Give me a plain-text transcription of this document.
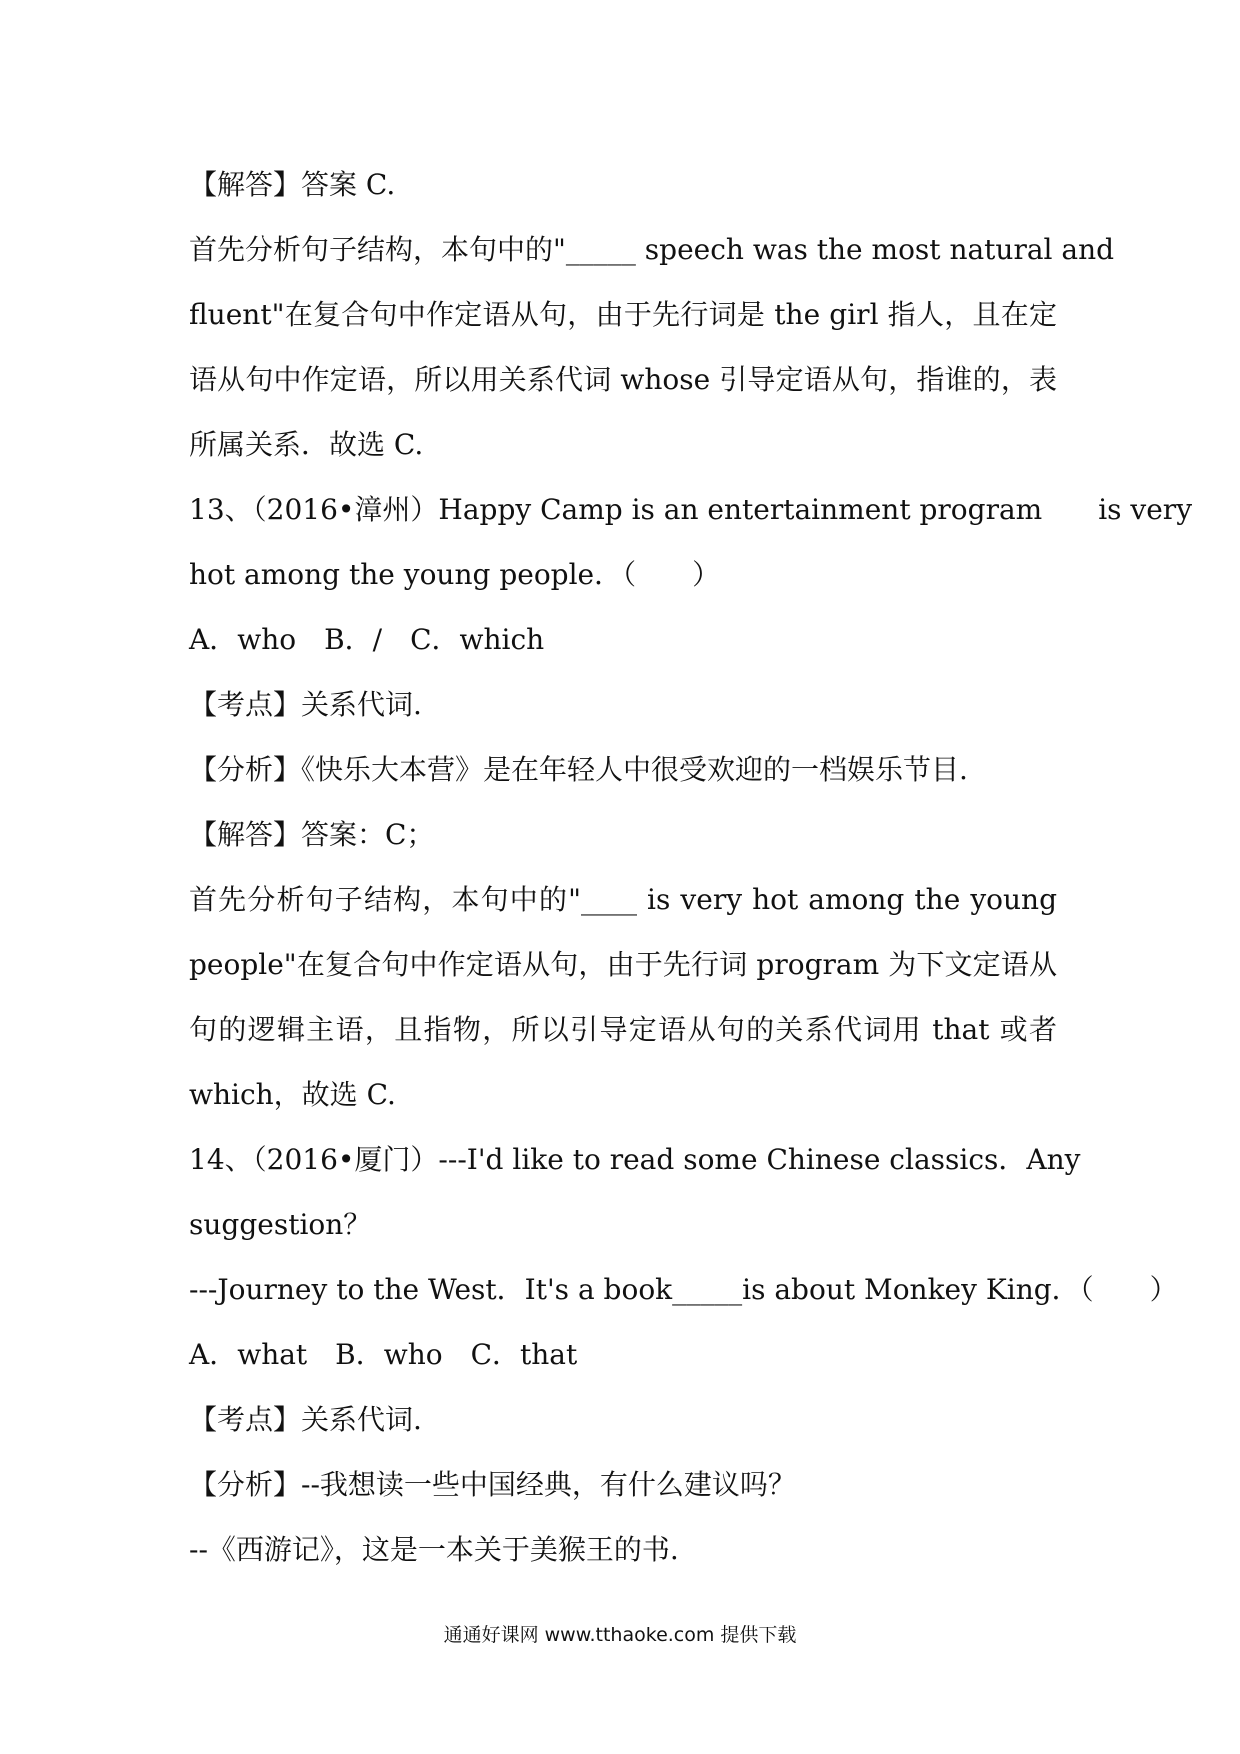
【解答】答案 C.
首先分析句子结构，本句中的"_____ speech was the most natural and
fluent"在复合句中作定语从句，由于先行词是 the girl 指人，且在定
语从句中作定语，所以用关系代词 whose 引导定语从句，指谁的，表
所属关系．故选 C.
13、（2016•漳州）Happy Camp is an entertainment program　　is very
hot among the young people．（　　）
A．who　B．/　C．which
【考点】关系代词.
【分析】《快乐大本营》是在年轻人中很受欢迎的一档娱乐节目.
【解答】答案：C；
首先分析句子结构，本句中的"____ is very hot among the young
people"在复合句中作定语从句，由于先行词 program 为下文定语从
句的逻辑主语，且指物，所以引导定语从句的关系代词用 that 或者
which，故选 C.
14、（2016•厦门）---I'd like to read some Chinese classics．Any
suggestion？
---Journey to the West．It's a book_____is about Monkey King．（　　）
A．what　B．who　C．that
【考点】关系代词.
【分析】--我想读一些中国经典，有什么建议吗？
--《西游记》，这是一本关于美猴王的书.
通通好课网 www.tthaoke.com 提供下载
